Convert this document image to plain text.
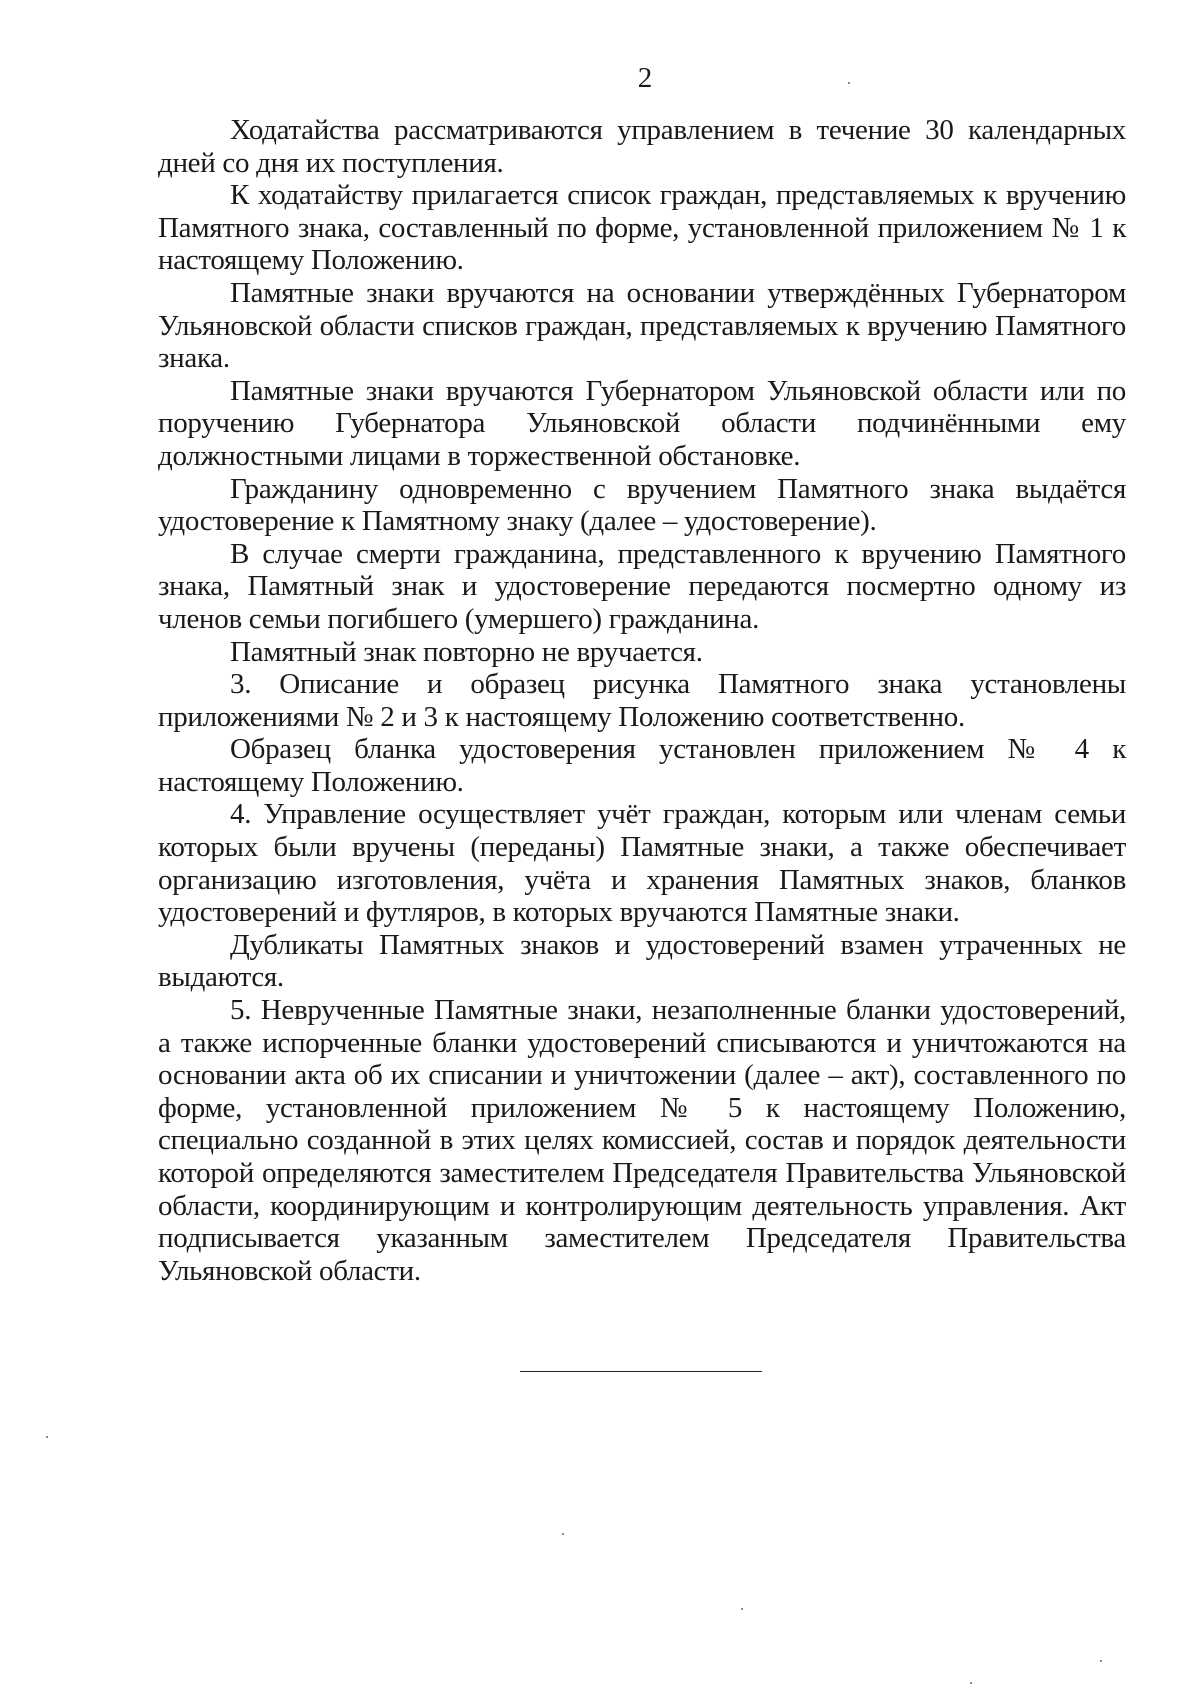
2

Ходатайства рассматриваются управлением в течение 30 календарных дней со дня их поступления.

К ходатайству прилагается список граждан, представляемых к вручению Памятного знака, составленный по форме, установленной приложением № 1 к настоящему Положению.

Памятные знаки вручаются на основании утверждённых Губернатором Ульяновской области списков граждан, представляемых к вручению Памятного знака.

Памятные знаки вручаются Губернатором Ульяновской области или по поручению Губернатора Ульяновской области подчинёнными ему должностными лицами в торжественной обстановке.

Гражданину одновременно с вручением Памятного знака выдаётся удостоверение к Памятному знаку (далее – удостоверение).

В случае смерти гражданина, представленного к вручению Памятного знака, Памятный знак и удостоверение передаются посмертно одному из членов семьи погибшего (умершего) гражданина.

Памятный знак повторно не вручается.

3. Описание и образец рисунка Памятного знака установлены приложениями № 2 и 3 к настоящему Положению соответственно.

Образец бланка удостоверения установлен приложением № 4 к настоящему Положению.

4. Управление осуществляет учёт граждан, которым или членам семьи которых были вручены (переданы) Памятные знаки, а также обеспечивает организацию изготовления, учёта и хранения Памятных знаков, бланков удостоверений и футляров, в которых вручаются Памятные знаки.

Дубликаты Памятных знаков и удостоверений взамен утраченных не выдаются.

5. Неврученные Памятные знаки, незаполненные бланки удостоверений, а также испорченные бланки удостоверений списываются и уничтожаются на основании акта об их списании и уничтожении (далее – акт), составленного по форме, установленной приложением № 5 к настоящему Положению, специально созданной в этих целях комиссией, состав и порядок деятельности которой определяются заместителем Председателя Правительства Ульяновской области, координирующим и контролирующим деятельность управления. Акт подписывается указанным заместителем Председателя Правительства Ульяновской области.
